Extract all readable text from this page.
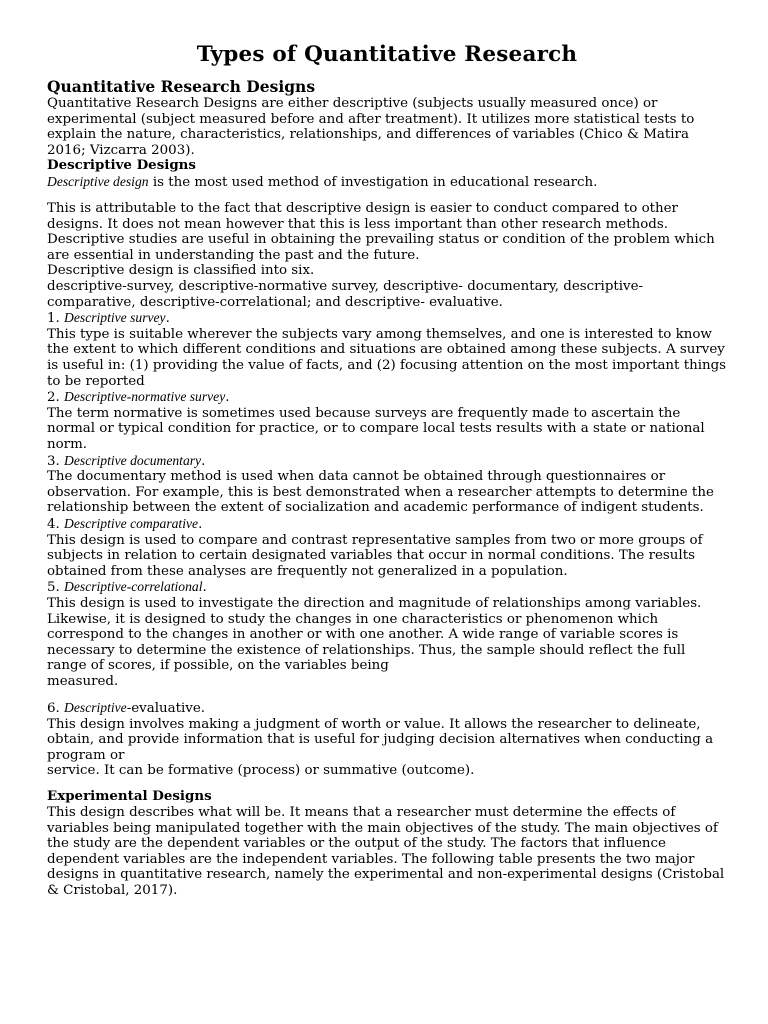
Types of Quantitative Research
Quantitative Research Designs

Quantitative Research Designs are either descriptive (subjects usually measured once) or experimental (subject measured before and after treatment). It utilizes more statistical tests to explain the nature, characteristics, relationships, and differences of variables (Chico & Matira 2016; Vizcarra 2003).

Descriptive Designs

Descriptive design is the most used method of investigation in educational research.

This is attributable to the fact that descriptive design is easier to conduct compared to other designs. It does not mean however that this is less important than other research methods. Descriptive studies are useful in obtaining the prevailing status or condition of the problem which are essential in understanding the past and the future.

Descriptive design is classified into six.

descriptive-survey, descriptive-normative survey, descriptive- documentary, descriptive-comparative, descriptive-correlational; and descriptive- evaluative.

1. Descriptive survey.

This type is suitable wherever the subjects vary among themselves, and one is interested to know the extent to which different conditions and situations are obtained among these subjects. A survey is useful in: (1) providing the value of facts, and (2) focusing attention on the most important things to be reported

2. Descriptive-normative survey.

The term normative is sometimes used because surveys are frequently made to ascertain the normal or typical condition for practice, or to compare local tests results with a state or national norm.

3. Descriptive documentary.

The documentary method is used when data cannot be obtained through questionnaires or observation. For example, this is best demonstrated when a researcher attempts to determine the relationship between the extent of socialization and academic performance of indigent students.

4. Descriptive comparative.

This design is used to compare and contrast representative samples from two or more groups of subjects in relation to certain designated variables that occur in normal conditions. The results obtained from these analyses are frequently not generalized in a population.

5. Descriptive-correlational.

This design is used to investigate the direction and magnitude of relationships among variables. Likewise, it is designed to study the changes in one characteristics or phenomenon which correspond to the changes in another or with one another. A wide range of variable scores is necessary to determine the existence of relationships. Thus, the sample should reflect the full range of scores, if possible, on the variables being

measured.

6. Descriptive-evaluative.

This design involves making a judgment of worth or value. It allows the researcher to delineate, obtain, and provide information that is useful for judging decision alternatives when conducting a program or

service. It can be formative (process) or summative (outcome).

Experimental Designs

This design describes what will be. It means that a researcher must determine the effects of variables being manipulated together with the main objectives of the study. The main objectives of the study are the dependent variables or the output of the study. The factors that influence dependent variables are the independent variables. The following table presents the two major designs in quantitative research, namely the experimental and non-experimental designs (Cristobal & Cristobal, 2017).
